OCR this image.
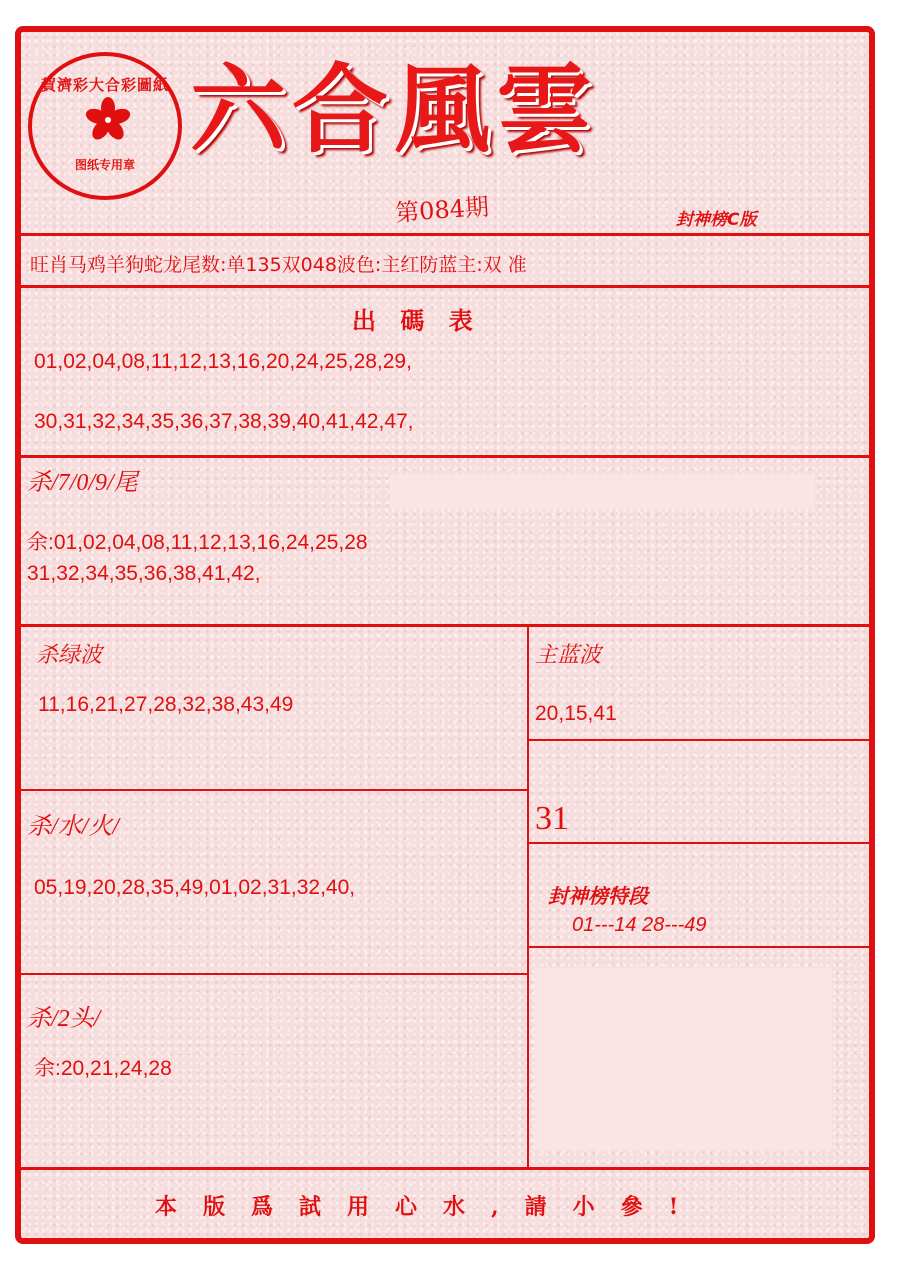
賀濟彩大合彩圖紙
图纸专用章 六合風雲
第084期	封神榜C版
旺肖马鸡羊狗蛇龙尾数:单135双048波色:主红防蓝主:双 准
出 碼 表
01,02,04,08,11,12,13,16,20,24,25,28,29,
30,31,32,34,35,36,37,38,39,40,41,42,47,
杀/7/0/9/尾
余:01,02,04,08,11,12,13,16,24,25,28
31,32,34,35,36,38,41,42,
杀绿波
11,16,21,27,28,32,38,43,49
主蓝波
20,15,41
杀/水/火/
05,19,20,28,35,49,01,02,31,32,40,
31
封神榜特段
01---14 28---49
杀/2头/
余:20,21,24,28
本版爲試用心水,請小參!
